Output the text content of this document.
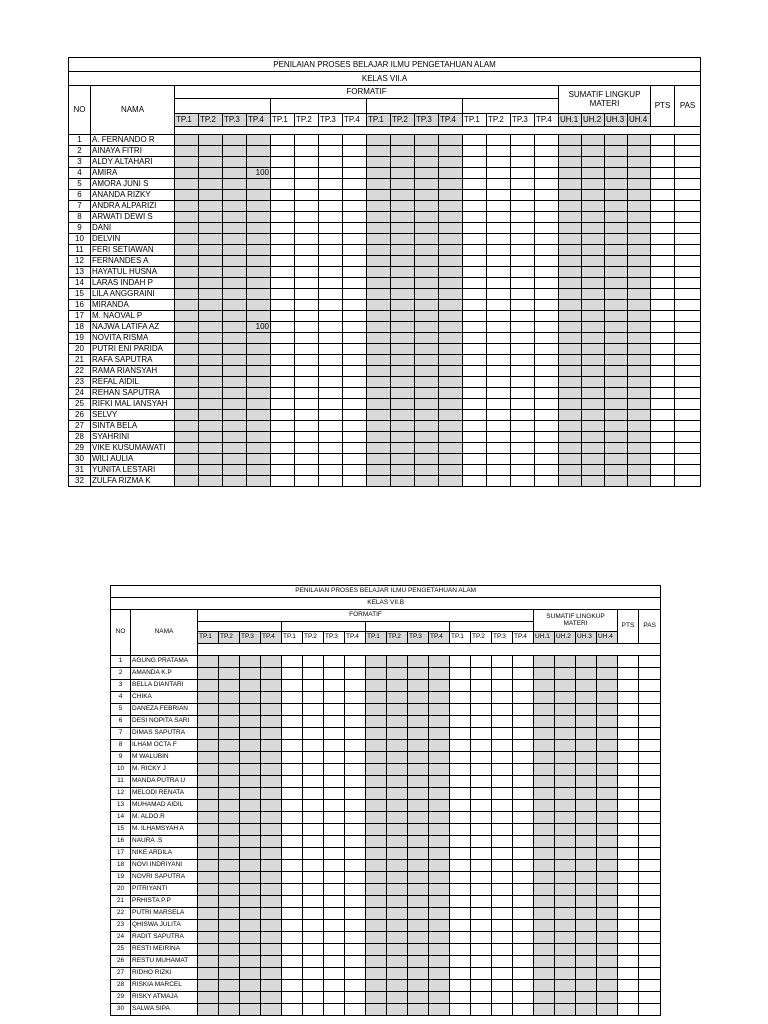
PENILAIAN PROSES BELAJAR ILMU PENGETAHUAN ALAM																							
KELAS VII.A																							
NO	NAMA	FORMATIF																SUMATIF LINGKUP MATERI				PTS	PAS

		TP.1	TP.2	TP.3	TP.4	TP.1	TP.2	TP.3	TP.4	TP.1	TP.2	TP.3	TP.4	TP.1	TP.2	TP.3	TP.4	UH.1	UH.2	UH.3	UH.4		

1	A. FERNANDO R																						
2	AINAYA FITRI																						
3	ALDY ALTAHARI																						
4	AMIRA				100																		
5	AMORA JUNI S																						
6	ANANDA RIZKY																						
7	ANDRA ALPARIZI																						
8	ARWATI DEWI S																						
9	DANI																						
10	DELVIN																						
11	FERI SETIAWAN																						
12	FERNANDES A																						
13	HAYATUL HUSNA																						
14	LARAS INDAH P																						
15	LILA ANGGRAINI																						
16	MIRANDA																						
17	M. NAOVAL P																						
18	NAJWA LATIFA AZ				100																		
19	NOVITA RISMA																						
20	PUTRI ENI PARIDA																						
21	RAFA SAPUTRA																						
22	RAMA RIANSYAH																						
23	REFAL AIDIL																						
24	REHAN SAPUTRA																						
25	RIFKI MAL IANSYAH																						
26	SELVY																						
27	SINTA BELA																						
28	SYAHRINI																						
29	VIKE KUSUMAWATI																						
30	WILI AULIA																						
31	YUNITA LESTARI																						
32	ZULFA RIZMA K																						
PENILAIAN PROSES BELAJAR ILMU PENGETAHUAN ALAM																							
KELAS VII.B																							
NO	NAMA	FORMATIF																SUMATIF LINGKUP MATERI				PTS	PAS

		TP.1	TP.2	TP.3	TP.4	TP.1	TP.2	TP.3	TP.4	TP.1	TP.2	TP.3	TP.4	TP.1	TP.2	TP.3	TP.4	UH.1	UH.2	UH.3	UH.4		

1	AGUNG PRATAMA																						
2	AMANDA K.P																						
3	BELLA DIANTARI																						
4	CHIKA																						
5	DANEZA FEBRIAN																						
6	DESI NOPITA SARI																						
7	DIMAS SAPUTRA																						
8	ILHAM OCTA F																						
9	M WALUBIN																						
10	M. RICKY J																						
11	MANDA PUTRA U																						
12	MELODI RENATA																						
13	MUHAMAD AIDIL																						
14	M. ALDO.R																						
15	M. ILHAMSYAH A																						
16	NAURA .S																						
17	NIKE ARDILA																						
18	NOVI INDRIYANI																						
19	NOVRI SAPUTRA																						
20	PITRIYANTI																						
21	PRHISTA P.P																						
22	PUTRI MARSELA																						
23	QHISWA JULITA																						
24	RADIT SAPUTRA																						
25	RESTI MEIRINA																						
26	RESTU MUHAMAT																						
27	RIDHO RIZKI																						
28	RISKIA MARCEL																						
29	RISKY ATMAJA																						
30	SALWA SIPA																						
